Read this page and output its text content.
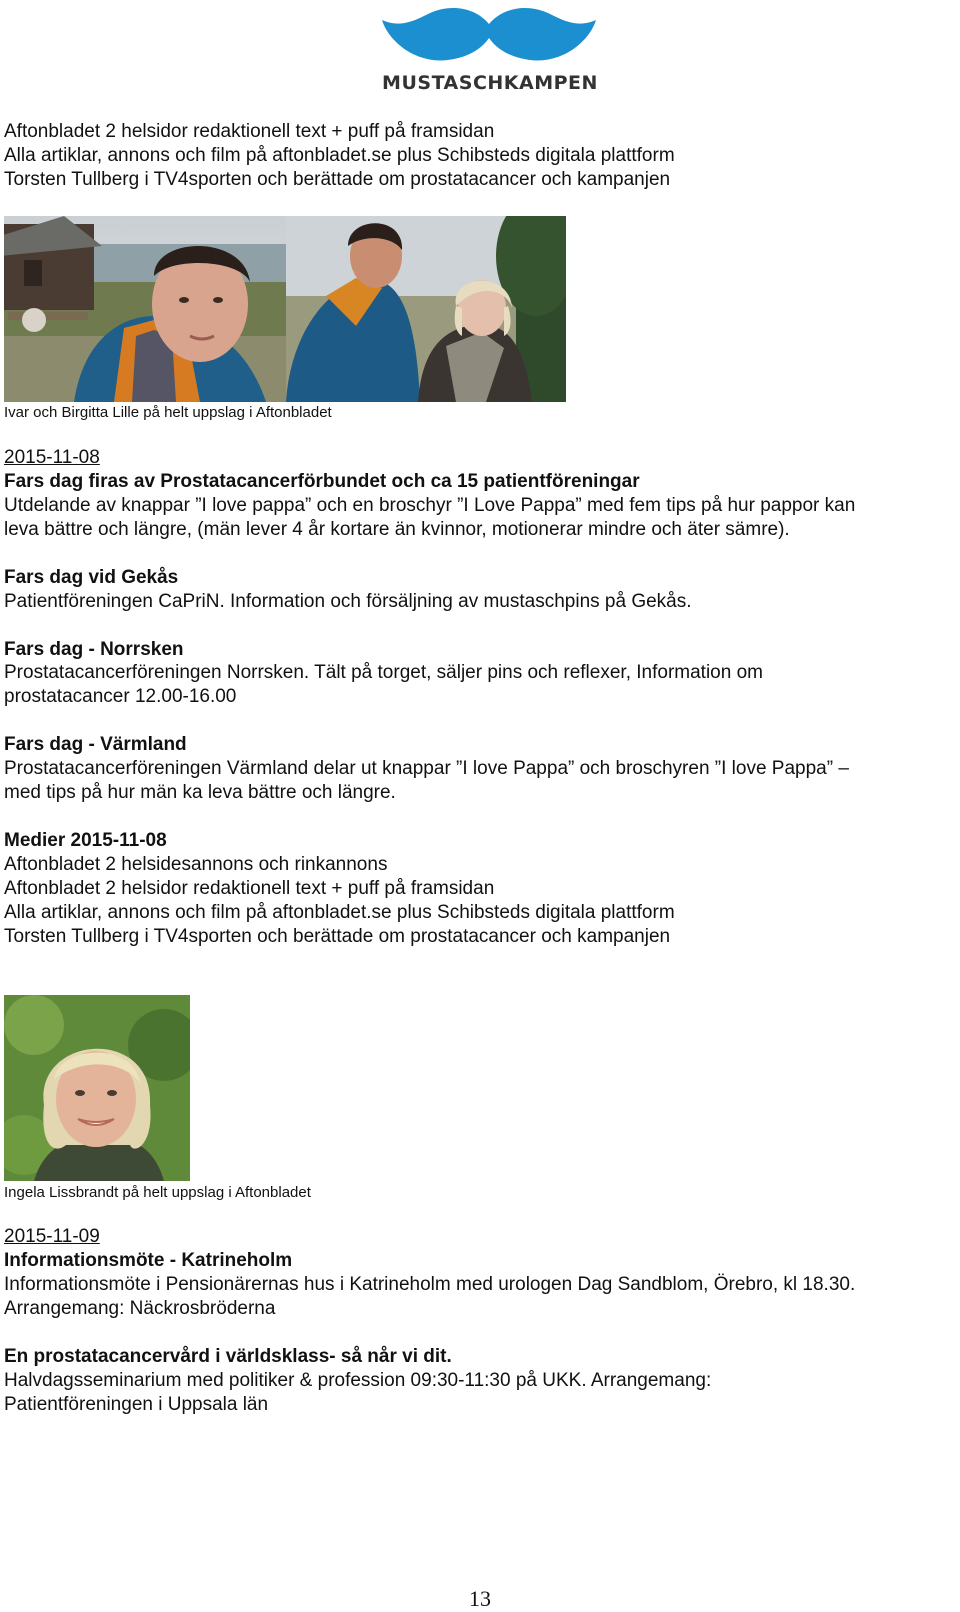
MUSTASCHKAMPEN
Aftonbladet 2 helsidor redaktionell text + puff på framsidan
Alla artiklar, annons och film på aftonbladet.se plus Schibsteds digitala plattform
Torsten Tullberg i TV4sporten och berättade om prostatacancer och kampanjen
Ivar och Birgitta Lille på helt uppslag i Aftonbladet
2015-11-08
Fars dag firas av Prostatacancerförbundet och ca 15 patientföreningar
Utdelande av knappar ”I love pappa” och en broschyr ”I Love Pappa” med fem tips på hur pappor kan
leva bättre och längre, (män lever 4 år kortare än kvinnor, motionerar mindre och äter sämre).
Fars dag vid Gekås
Patientföreningen CaPriN. Information och försäljning av mustaschpins på Gekås.
Fars dag - Norrsken
Prostatacancerföreningen Norrsken. Tält på torget, säljer pins och reflexer, Information om
prostatacancer 12.00-16.00
Fars dag - Värmland
Prostatacancerföreningen Värmland delar ut knappar ”I love Pappa” och broschyren ”I love Pappa” –
med tips på hur män ka leva bättre och längre.
Medier 2015-11-08
Aftonbladet 2 helsidesannons och rinkannons
Aftonbladet 2 helsidor redaktionell text + puff på framsidan
Alla artiklar, annons och film på aftonbladet.se plus Schibsteds digitala plattform
Torsten Tullberg i TV4sporten och berättade om prostatacancer och kampanjen
Ingela Lissbrandt på helt uppslag i Aftonbladet
2015-11-09
Informationsmöte - Katrineholm
Informationsmöte i Pensionärernas hus i Katrineholm med urologen Dag Sandblom, Örebro, kl 18.30.
Arrangemang: Näckrosbröderna
En prostatacancervård i världsklass- så når vi dit.
Halvdagsseminarium med politiker & profession 09:30-11:30 på UKK. Arrangemang:
Patientföreningen i Uppsala län
13
